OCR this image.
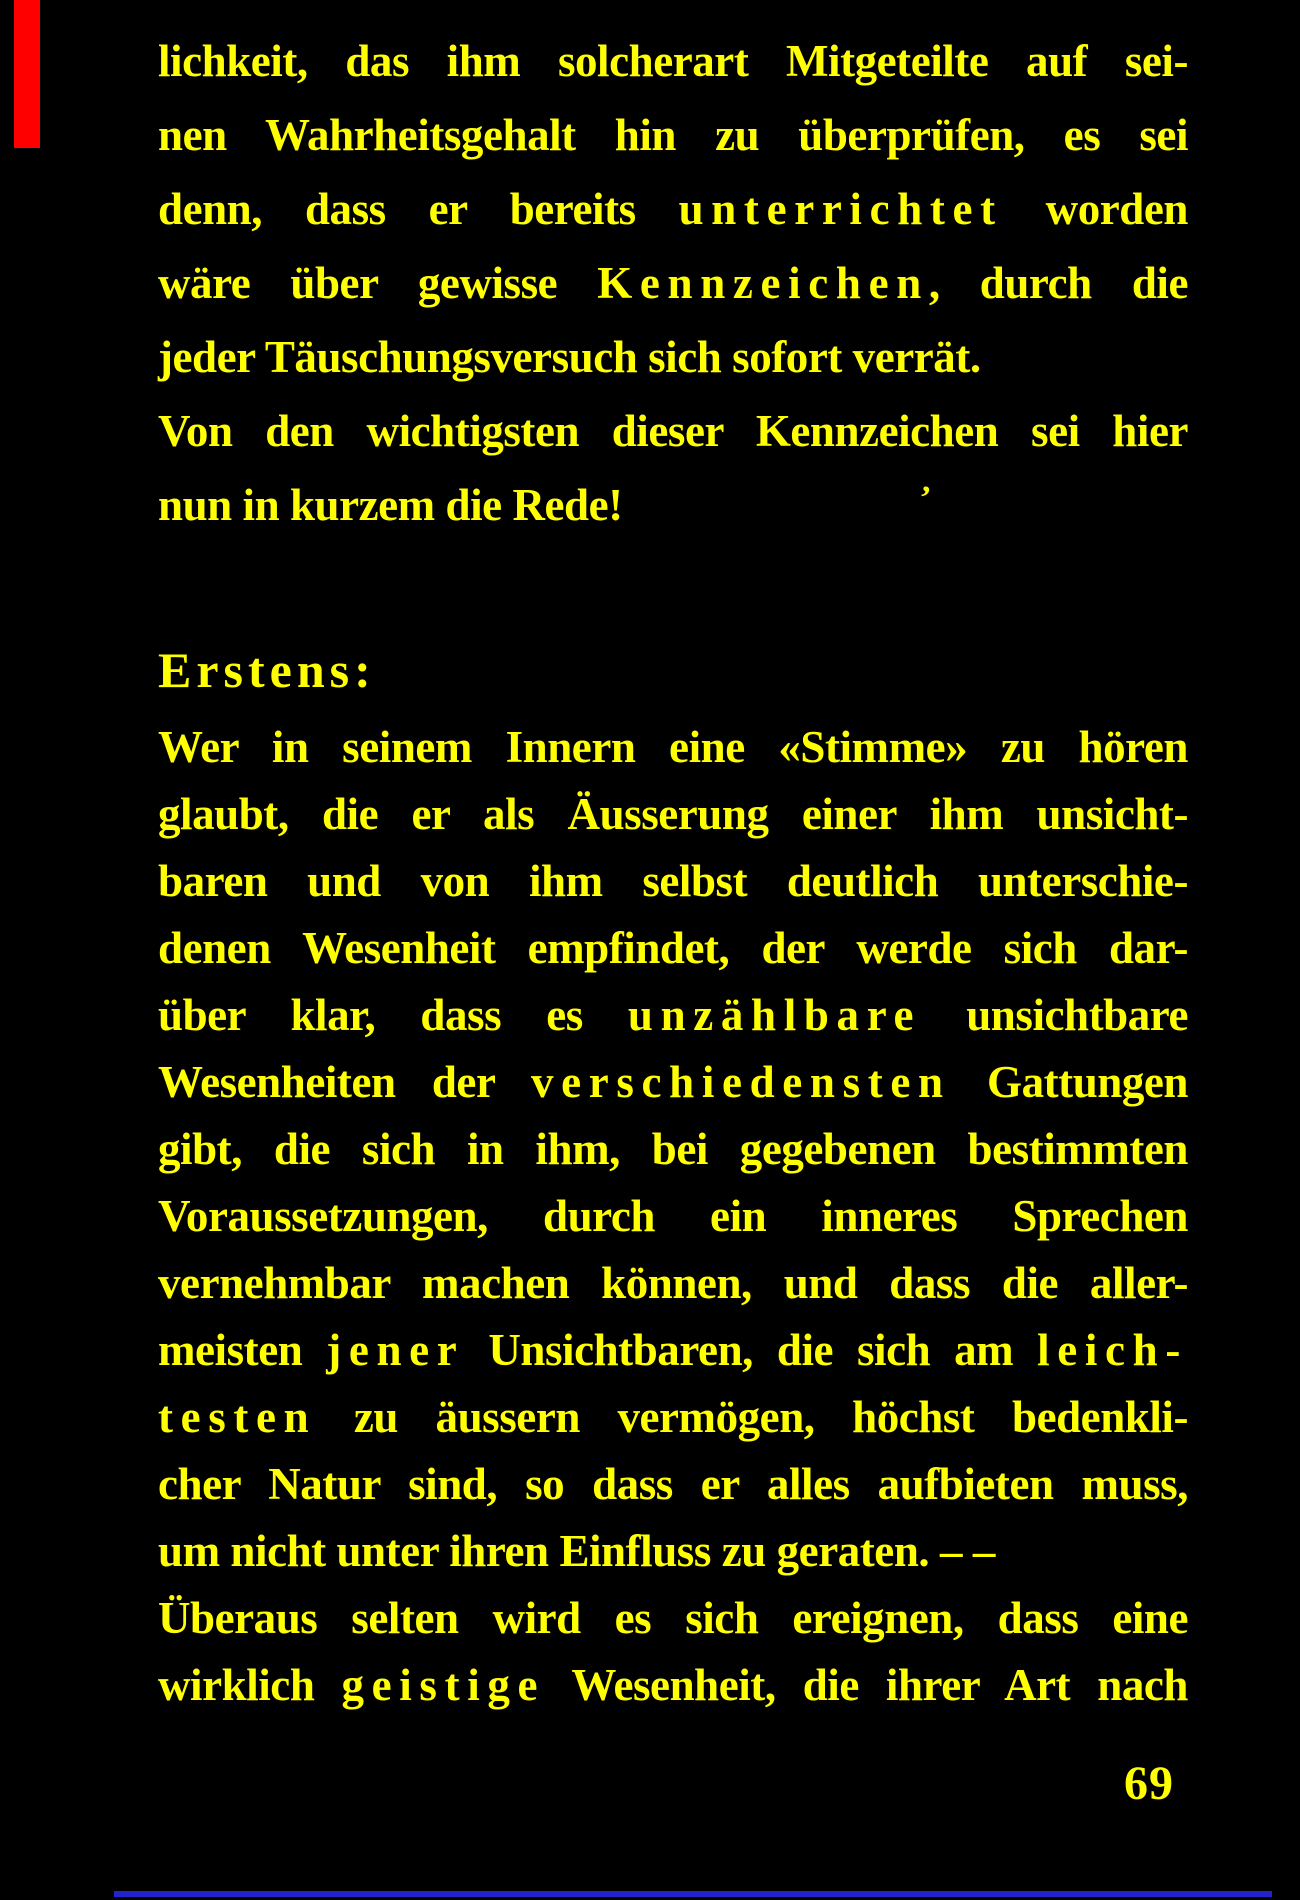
lichkeit, das ihm solcherart Mitgeteilte auf sei-
nen Wahrheitsgehalt hin zu überprüfen, es sei
denn, dass er bereits unterrichtet worden
wäre über gewisse Kennzeichen, durch die
jeder Täuschungsversuch sich sofort verrät.
Von den wichtigsten dieser Kennzeichen sei hier
nun in kurzem die Rede!	’
Erstens:
Wer in seinem Innern eine «Stimme» zu hören
glaubt, die er als Äusserung einer ihm unsicht-
baren und von ihm selbst deutlich unterschie-
denen Wesenheit empfindet, der werde sich dar-
über klar, dass es unzählbare unsichtbare
Wesenheiten der verschiedensten Gattungen
gibt, die sich in ihm, bei gegebenen bestimmten
Voraussetzungen, durch ein inneres Sprechen
vernehmbar machen können, und dass die aller-
meisten jener Unsichtbaren, die sich am leich-
testen zu äussern vermögen, höchst bedenkli-
cher Natur sind, so dass er alles aufbieten muss,
um nicht unter ihren Einfluss zu geraten. – –
Überaus selten wird es sich ereignen, dass eine
wirklich geistige Wesenheit, die ihrer Art nach
69
